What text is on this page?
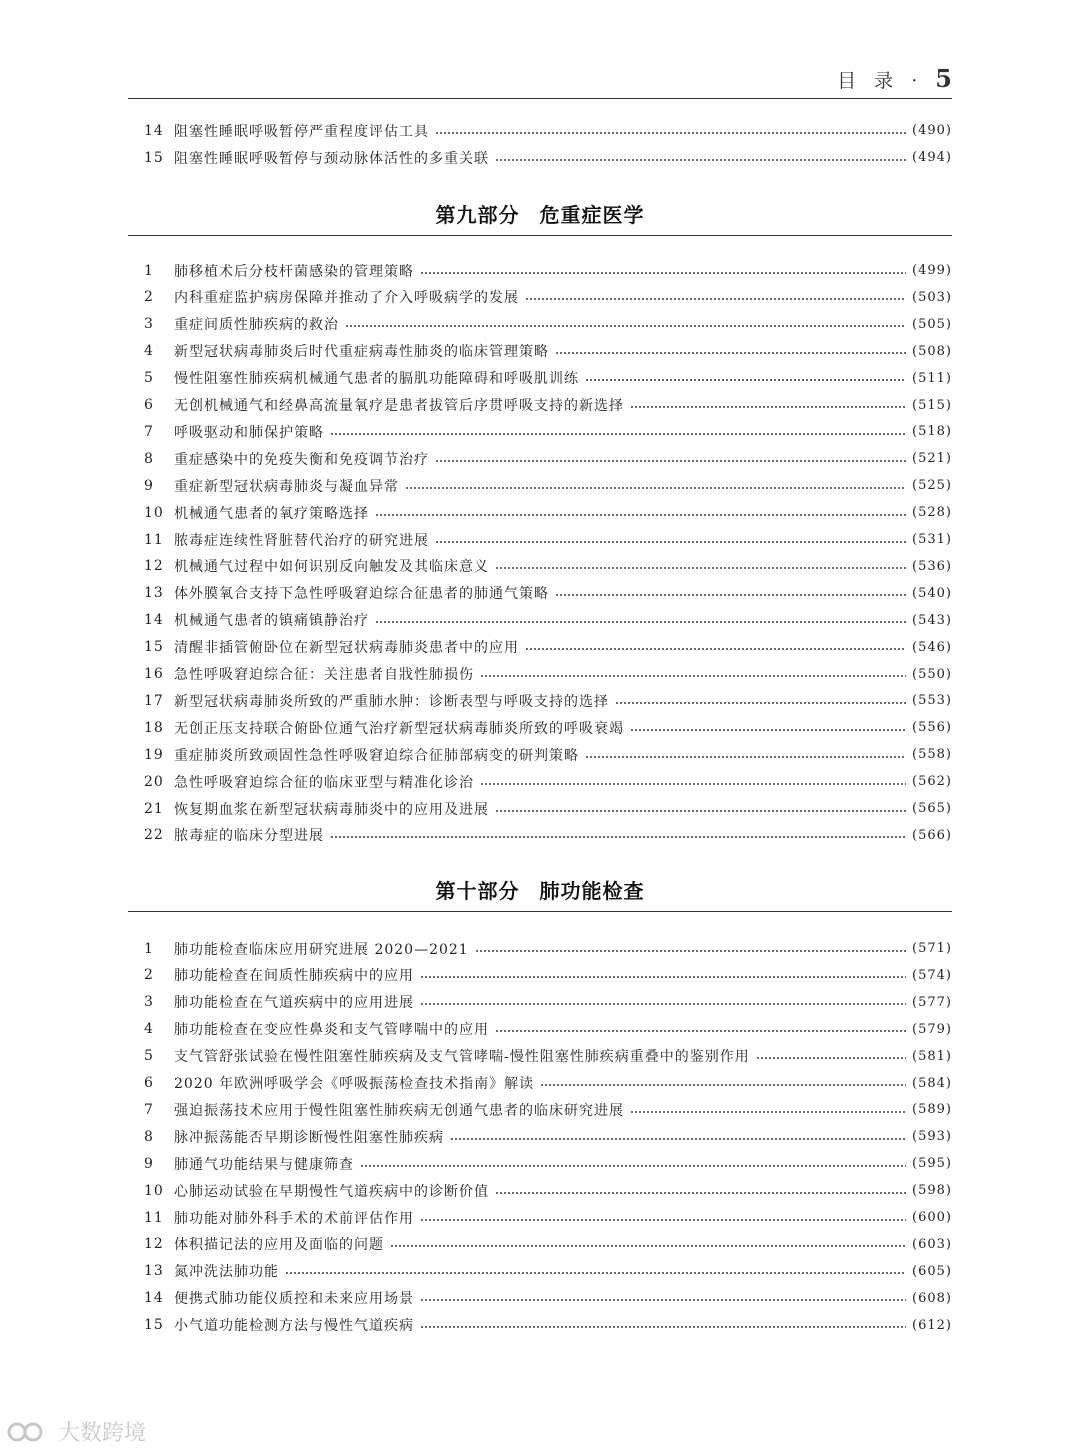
目 录 · 5
14 阻塞性睡眠呼吸暂停严重程度评估工具	(490)
15 阻塞性睡眠呼吸暂停与颈动脉体活性的多重关联	(494)
第九部分 危重症医学
1	肺移植术后分枝杆菌感染的管理策略	(499)
2	内科重症监护病房保障并推动了介入呼吸病学的发展	(503)
3	重症间质性肺疾病的救治	(505)
4	新型冠状病毒肺炎后时代重症病毒性肺炎的临床管理策略	(508)
5	慢性阻塞性肺疾病机械通气患者的膈肌功能障碍和呼吸肌训练	(511)
6	无创机械通气和经鼻高流量氧疗是患者拔管后序贯呼吸支持的新选择	(515)
7	呼吸驱动和肺保护策略	(518)
8	重症感染中的免疫失衡和免疫调节治疗	(521)
9	重症新型冠状病毒肺炎与凝血异常	(525)
10 机械通气患者的氧疗策略选择	(528)
11 脓毒症连续性肾脏替代治疗的研究进展	(531)
12 机械通气过程中如何识别反向触发及其临床意义	(536)
13 体外膜氧合支持下急性呼吸窘迫综合征患者的肺通气策略	(540)
14 机械通气患者的镇痛镇静治疗	(543)
15 清醒非插管俯卧位在新型冠状病毒肺炎患者中的应用	(546)
16 急性呼吸窘迫综合征：关注患者自戕性肺损伤	(550)
17 新型冠状病毒肺炎所致的严重肺水肿：诊断表型与呼吸支持的选择	(553)
18 无创正压支持联合俯卧位通气治疗新型冠状病毒肺炎所致的呼吸衰竭	(556)
19 重症肺炎所致顽固性急性呼吸窘迫综合征肺部病变的研判策略	(558)
20 急性呼吸窘迫综合征的临床亚型与精准化诊治	(562)
21 恢复期血浆在新型冠状病毒肺炎中的应用及进展	(565)
22 脓毒症的临床分型进展	(566)
第十部分 肺功能检查
1	肺功能检查临床应用研究进展 2020—2021	(571)
2	肺功能检查在间质性肺疾病中的应用	(574)
3	肺功能检查在气道疾病中的应用进展	(577)
4	肺功能检查在变应性鼻炎和支气管哮喘中的应用	(579)
5	支气管舒张试验在慢性阻塞性肺疾病及支气管哮喘-慢性阻塞性肺疾病重叠中的鉴别作用	(581)
6	2020 年欧洲呼吸学会《呼吸振荡检查技术指南》解读	(584)
7	强迫振荡技术应用于慢性阻塞性肺疾病无创通气患者的临床研究进展	(589)
8	脉冲振荡能否早期诊断慢性阻塞性肺疾病	(593)
9	肺通气功能结果与健康筛查	(595)
10 心肺运动试验在早期慢性气道疾病中的诊断价值	(598)
11 肺功能对肺外科手术的术前评估作用	(600)
12 体积描记法的应用及面临的问题	(603)
13 氮冲洗法肺功能	(605)
14 便携式肺功能仪质控和未来应用场景	(608)
15 小气道功能检测方法与慢性气道疾病	(612)
大数跨境
